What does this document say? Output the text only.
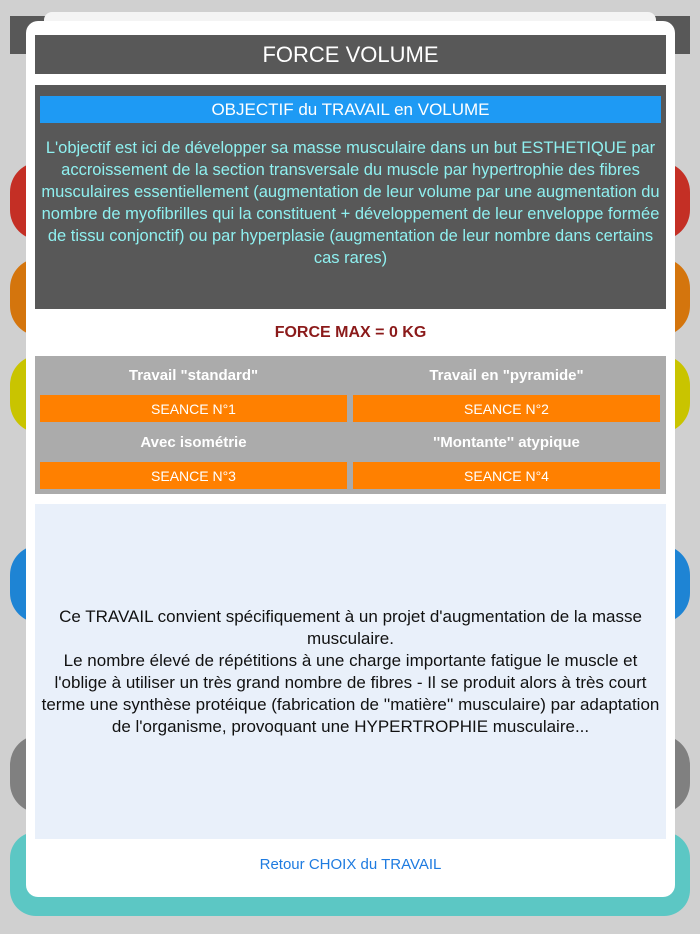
FORCE VOLUME
OBJECTIF du TRAVAIL en VOLUME
L'objectif est ici de développer sa masse musculaire dans un but ESTHETIQUE par accroissement de la section transversale du muscle par hypertrophie des fibres musculaires essentiellement (augmentation de leur volume par une augmentation du nombre de myofibrilles qui la constituent + développement de leur enveloppe formée de tissu conjonctif) ou par hyperplasie (augmentation de leur nombre dans certains cas rares)
FORCE MAX = 0 KG
Travail "standard"	Travail en "pyramide"
SEANCE N°1	SEANCE N°2
Avec isométrie	''Montante'' atypique
SEANCE N°3	SEANCE N°4
Ce TRAVAIL convient spécifiquement à un projet d'augmentation de la masse musculaire.
Le nombre élevé de répétitions à une charge importante fatigue le muscle et l'oblige à utiliser un très grand nombre de fibres - Il se produit alors à très court terme une synthèse protéique (fabrication de ''matière'' musculaire) par adaptation de l'organisme, provoquant une HYPERTROPHIE musculaire...
Retour CHOIX du TRAVAIL
